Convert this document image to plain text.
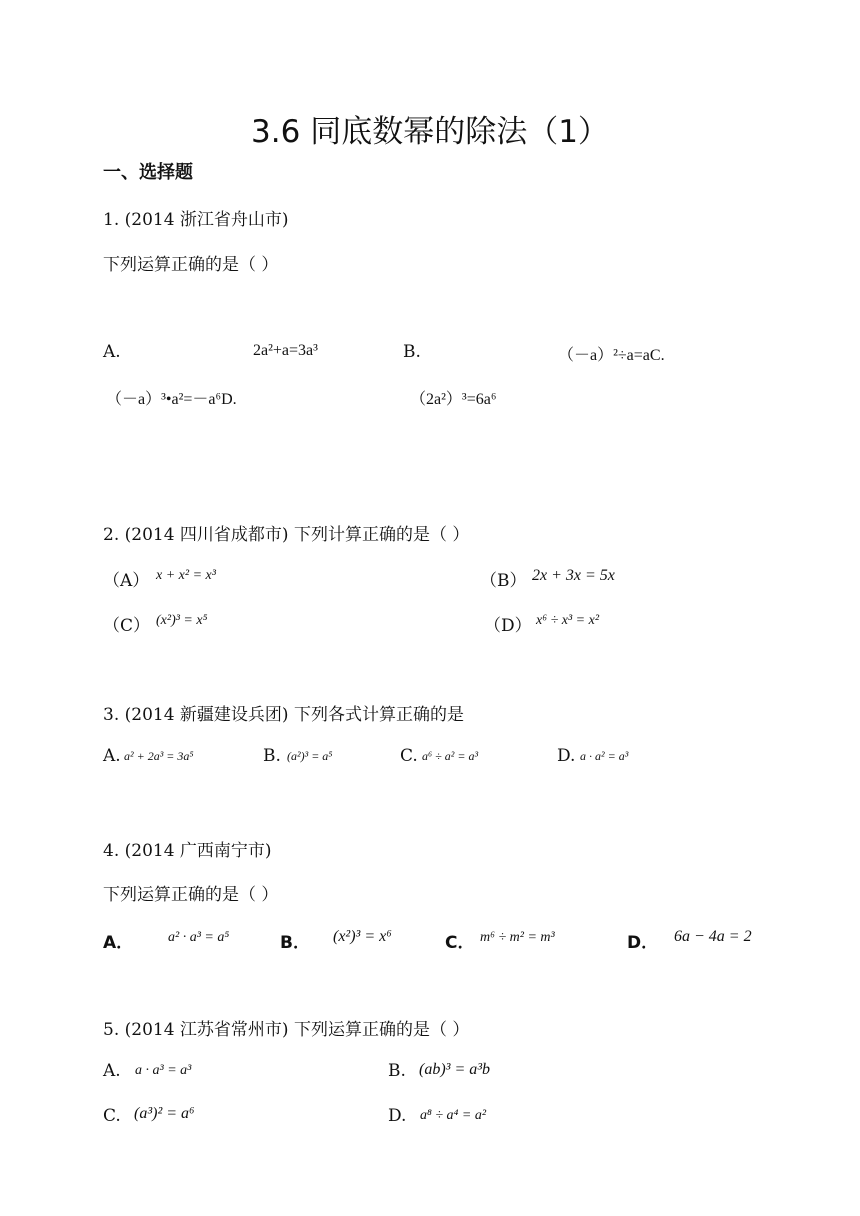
3.6 同底数幂的除法（1）
一、选择题
1. (2014 浙江省舟山市)
下列运算正确的是（ ）
A.	2a²+a=3a³	B.	（－a）²÷a=aC.
（－a）³•a²=－a⁶D.	（2a²）³=6a⁶
2. (2014 四川省成都市) 下列计算正确的是（ ）
（A） x + x² = x³	（B） 2x + 3x = 5x
（C） (x²)³ = x⁵	（D） x⁶ ÷ x³ = x²
3. (2014 新疆建设兵团) 下列各式计算正确的是
A. a² + 2a³ = 3a⁵	B. (a²)³ = a⁵	C. a⁶ ÷ a² = a³	D. a · a² = a³
4. (2014 广西南宁市)
下列运算正确的是（ ）
A． a² · a³ = a⁵	B． (x²)³ = x⁶	C． m⁶ ÷ m² = m³	D． 6a − 4a = 2
5. (2014 江苏省常州市) 下列运算正确的是（ ）
A. a · a³ = a³	B. (ab)³ = a³b
C. (a³)² = a⁶	D. a⁸ ÷ a⁴ = a²
